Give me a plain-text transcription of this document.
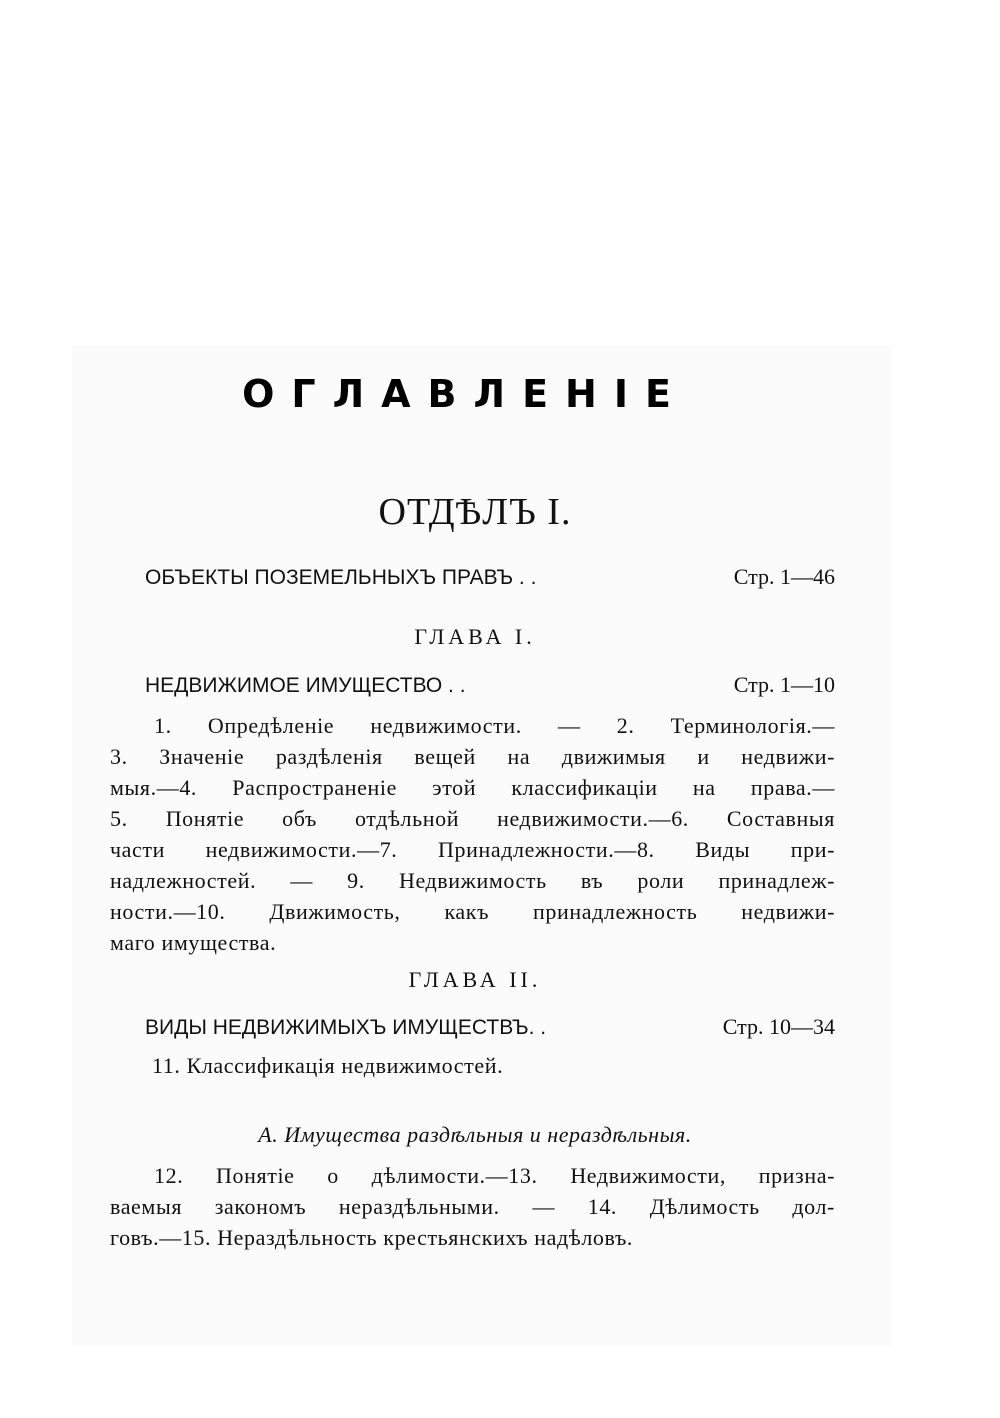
ОГЛАВЛЕНІЕ
ОТДѢЛЪ I.
ОБЪЕКТЫ ПОЗЕМЕЛЬНЫХЪ ПРАВЪ . .	Стр. 1—46
ГЛАВА I.
НЕДВИЖИМОЕ ИМУЩЕСТВО . .	Стр. 1—10
1. Опредѣленіе недвижимости. — 2. Терминологія.—
3. Значеніе раздѣленія вещей на движимыя и недвижи-
мыя.—4. Распространеніе этой классификаціи на права.—
5. Понятіе объ отдѣльной недвижимости.—6. Составныя
части недвижимости.—7. Принадлежности.—8. Виды при-
надлежностей. — 9. Недвижимость въ роли принадлеж-
ности.—10. Движимость, какъ принадлежность недвижи-
маго имущества.
ГЛАВА II.
ВИДЫ НЕДВИЖИМЫХЪ ИМУЩЕСТВЪ. .	Стр. 10—34
11. Классификація недвижимостей.
А. Имущества раздѣльныя и нераздѣльныя.
12. Понятіе о дѣлимости.—13. Недвижимости, призна-
ваемыя закономъ нераздѣльными. — 14. Дѣлимость дол-
говъ.—15. Нераздѣльность крестьянскихъ надѣловъ.
